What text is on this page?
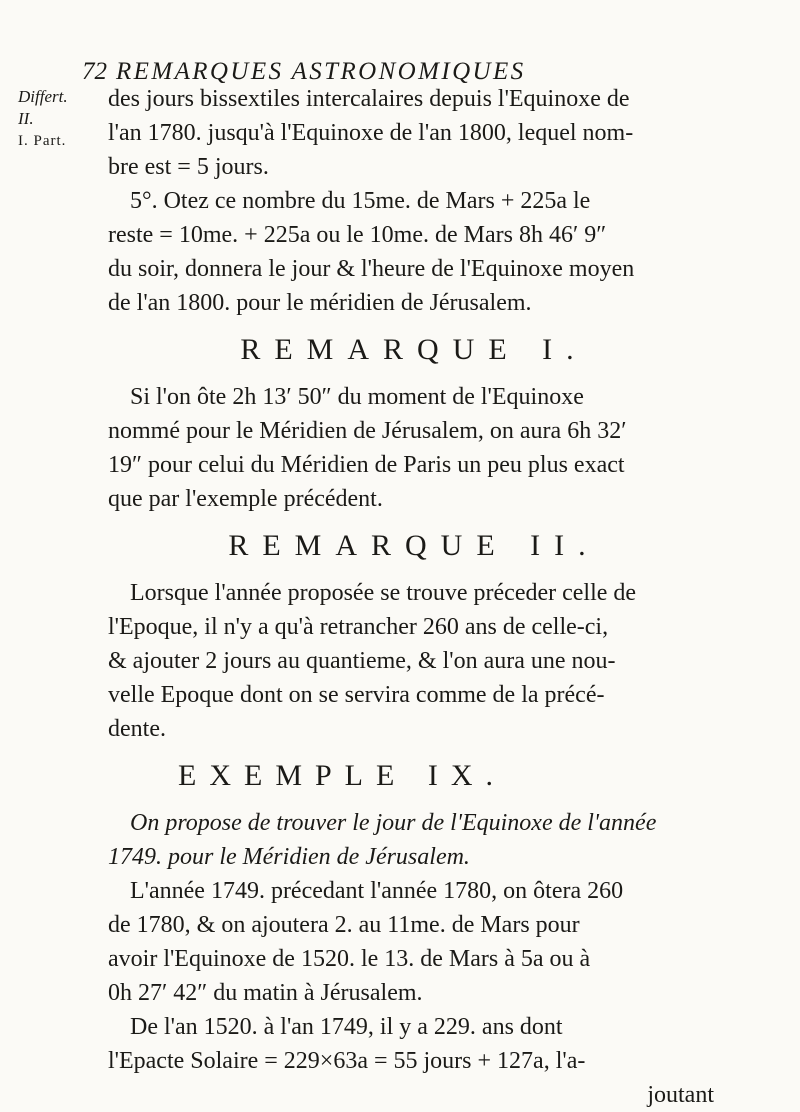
72 REMARQUES ASTRONOMIQUES
Differt. II.
I. Part.
des jours bissextiles intercalaires depuis l'Equinoxe de
l'an 1780. jusqu'à l'Equinoxe de l'an 1800, lequel nom-
bre est = 5 jours.
5°. Otez ce nombre du 15me. de Mars + 225a le
reste = 10me. + 225a ou le 10me. de Mars 8h 46′ 9″
du soir, donnera le jour & l'heure de l'Equinoxe moyen
de l'an 1800. pour le méridien de Jérusalem.
REMARQUE I.
Si l'on ôte 2h 13′ 50″ du moment de l'Equinoxe
nommé pour le Méridien de Jérusalem, on aura 6h 32′
19″ pour celui du Méridien de Paris un peu plus exact
que par l'exemple précédent.
REMARQUE II.
Lorsque l'année proposée se trouve préceder celle de
l'Epoque, il n'y a qu'à retrancher 260 ans de celle-ci,
& ajouter 2 jours au quantieme, & l'on aura une nou-
velle Epoque dont on se servira comme de la précé-
dente.
EXEMPLE IX.
On propose de trouver le jour de l'Equinoxe de l'année
1749. pour le Méridien de Jérusalem.
L'année 1749. précedant l'année 1780, on ôtera 260
de 1780, & on ajoutera 2. au 11me. de Mars pour
avoir l'Equinoxe de 1520. le 13. de Mars à 5a ou à
0h 27′ 42″ du matin à Jérusalem.
De l'an 1520. à l'an 1749, il y a 229. ans dont
l'Epacte Solaire = 229×63a = 55 jours + 127a, l'a-
joutant
